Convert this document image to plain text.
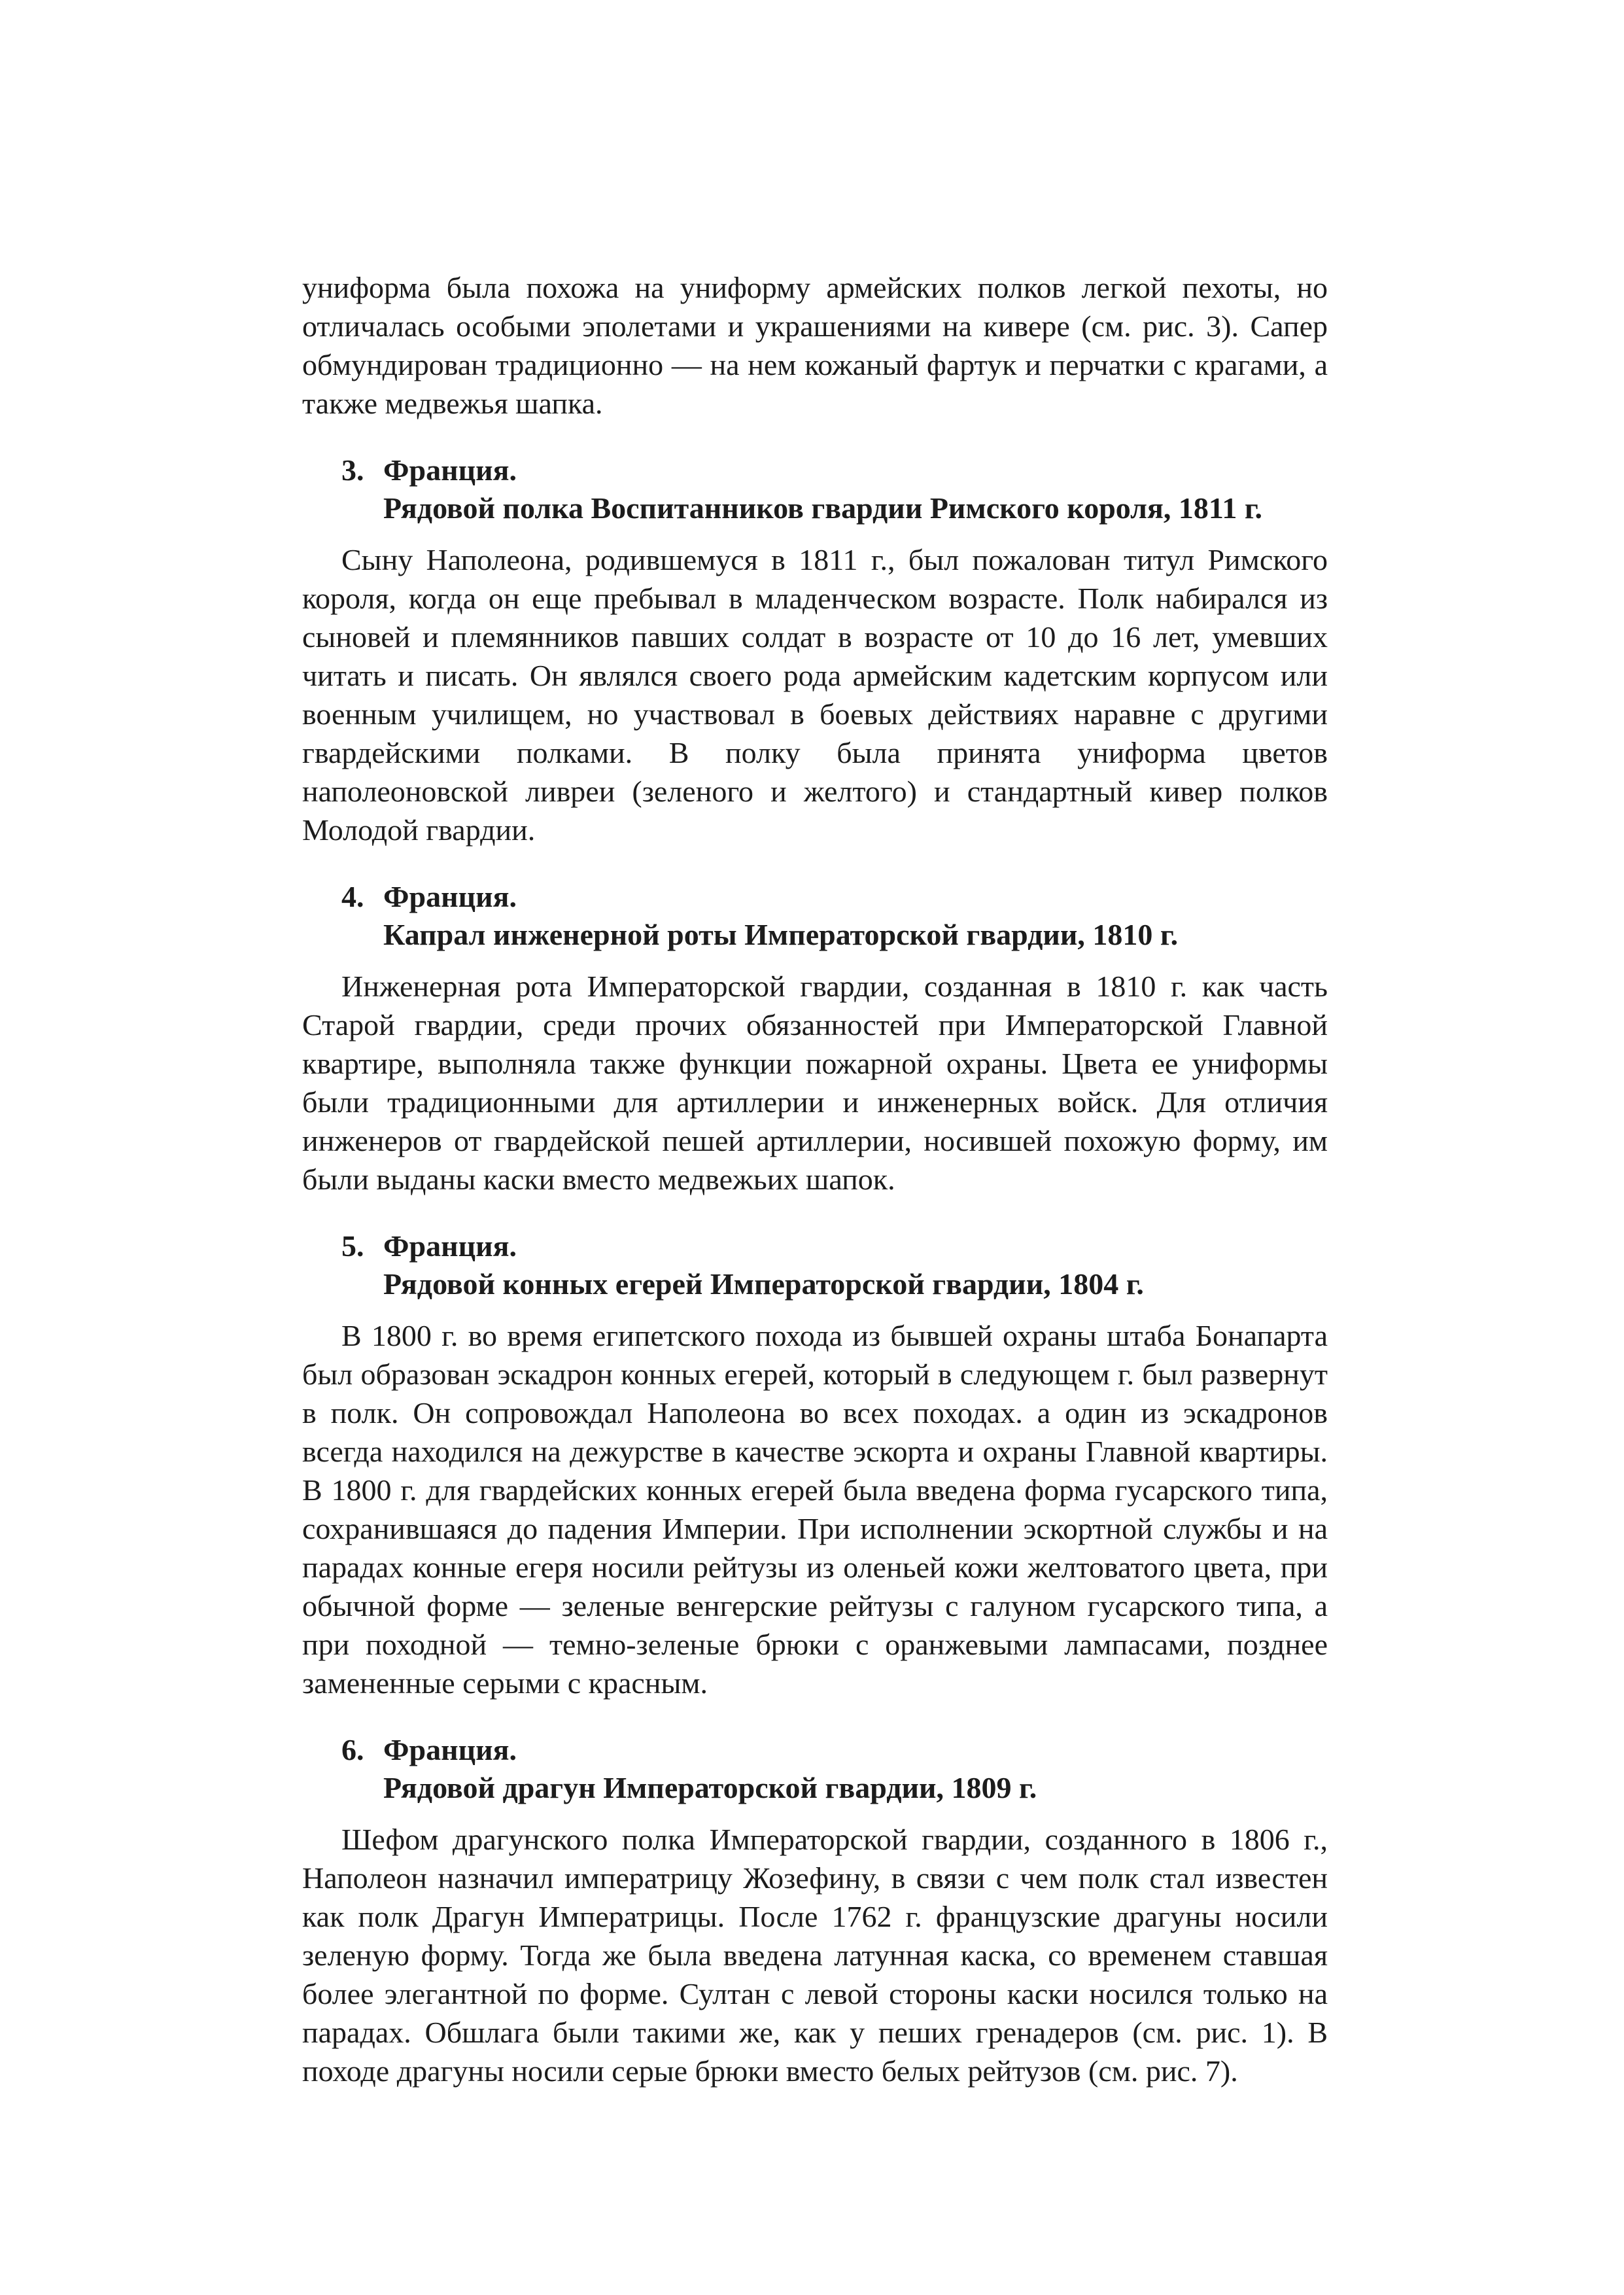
униформа была похожа на униформу армейских полков легкой пехоты, но отличалась особыми эполетами и украшениями на кивере (см. рис. 3). Сапер обмундирован традиционно — на нем кожаный фартук и перчатки с крагами, а также медвежья шапка.

3. Франция.
Рядовой полка Воспитанников гвардии Римского короля, 1811 г.

Сыну Наполеона, родившемуся в 1811 г., был пожалован титул Римского короля, когда он еще пребывал в младенческом возрасте. Полк набирался из сыновей и племянников павших солдат в возрасте от 10 до 16 лет, умевших читать и писать. Он являлся своего рода армейским кадетским корпусом или военным училищем, но участвовал в боевых действиях наравне с другими гвардейскими полками. В полку была принята униформа цветов наполеоновской ливреи (зеленого и желтого) и стандартный кивер полков Молодой гвардии.

4. Франция.
Капрал инженерной роты Императорской гвардии, 1810 г.

Инженерная рота Императорской гвардии, созданная в 1810 г. как часть Старой гвардии, среди прочих обязанностей при Императорской Главной квартире, выполняла также функции пожарной охраны. Цвета ее униформы были традиционными для артиллерии и инженерных войск. Для отличия инженеров от гвардейской пешей артиллерии, носившей похожую форму, им были выданы каски вместо медвежьих шапок.

5. Франция.
Рядовой конных егерей Императорской гвардии, 1804 г.

В 1800 г. во время египетского похода из бывшей охраны штаба Бонапарта был образован эскадрон конных егерей, который в следующем г. был развернут в полк. Он сопровождал Наполеона во всех походах. а один из эскадронов всегда находился на дежурстве в качестве эскорта и охраны Главной квартиры. В 1800 г. для гвардейских конных егерей была введена форма гусарского типа, сохранившаяся до падения Империи. При исполнении эскортной службы и на парадах конные егеря носили рейтузы из оленьей кожи желтоватого цвета, при обычной форме — зеленые венгерские рейтузы с галуном гусарского типа, а при походной — темно-зеленые брюки с оранжевыми лампасами, позднее замененные серыми с красным.

6. Франция.
Рядовой драгун Императорской гвардии, 1809 г.

Шефом драгунского полка Императорской гвардии, созданного в 1806 г., Наполеон назначил императрицу Жозефину, в связи с чем полк стал известен как полк Драгун Императрицы. После 1762 г. французские драгуны носили зеленую форму. Тогда же была введена латунная каска, со временем ставшая более элегантной по форме. Султан с левой стороны каски носился только на парадах. Обшлага были такими же, как у пеших гренадеров (см. рис. 1). В походе драгуны носили серые брюки вместо белых рейтузов (см. рис. 7).
